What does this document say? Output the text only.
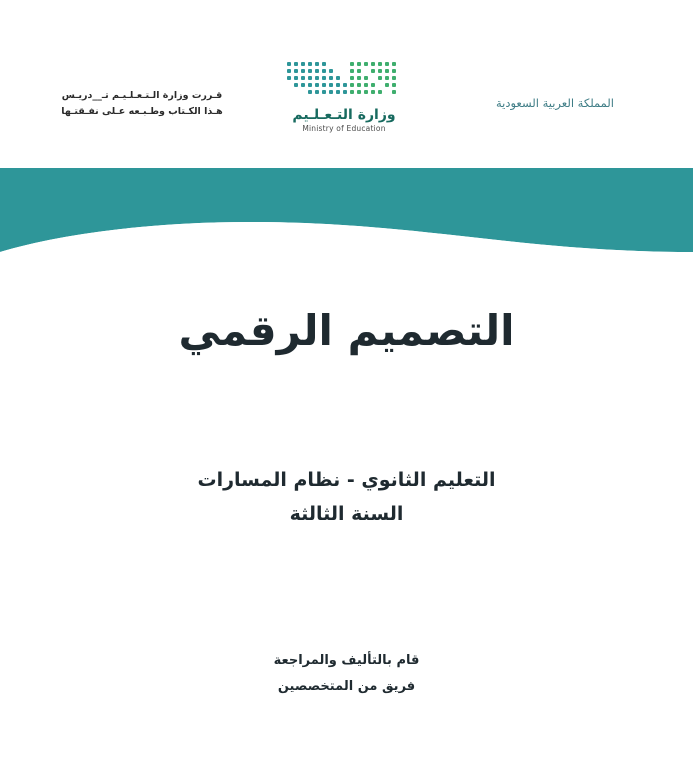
قـررت وزارة الـتـعـلـيـم تـ__دريـس
هـذا الكـتاب وطـبـعه عـلى نفـقتـها	وزارة التـعـلـيم
Ministry of Education
المملكة العربية السعودية
التصميم الرقمي
التعليم الثانوي - نظام المسارات
السنة الثالثة
قام بالتأليف والمراجعة
فريق من المتخصصين
